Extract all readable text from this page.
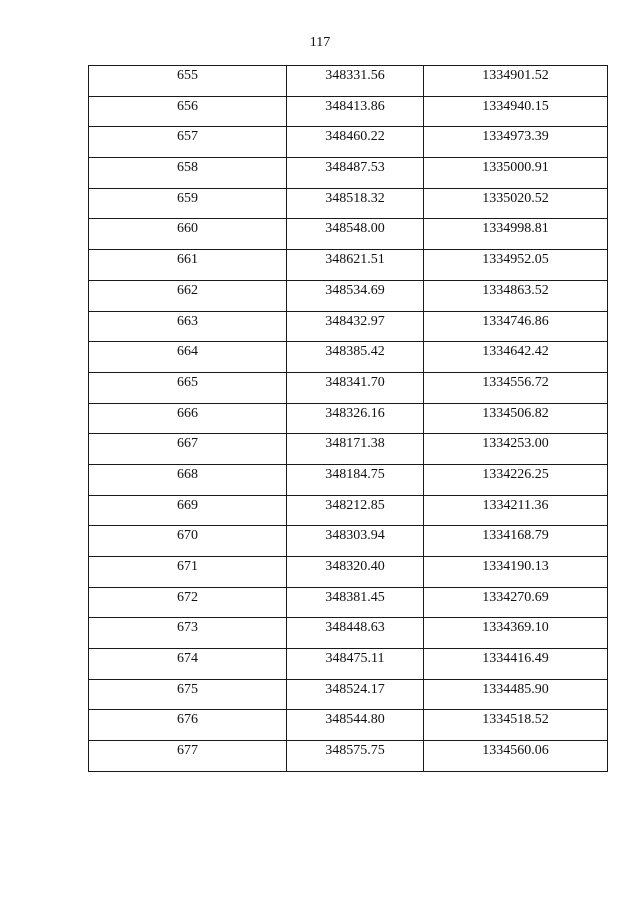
117
655	348331.56	1334901.52
656	348413.86	1334940.15
657	348460.22	1334973.39
658	348487.53	1335000.91
659	348518.32	1335020.52
660	348548.00	1334998.81
661	348621.51	1334952.05
662	348534.69	1334863.52
663	348432.97	1334746.86
664	348385.42	1334642.42
665	348341.70	1334556.72
666	348326.16	1334506.82
667	348171.38	1334253.00
668	348184.75	1334226.25
669	348212.85	1334211.36
670	348303.94	1334168.79
671	348320.40	1334190.13
672	348381.45	1334270.69
673	348448.63	1334369.10
674	348475.11	1334416.49
675	348524.17	1334485.90
676	348544.80	1334518.52
677	348575.75	1334560.06
